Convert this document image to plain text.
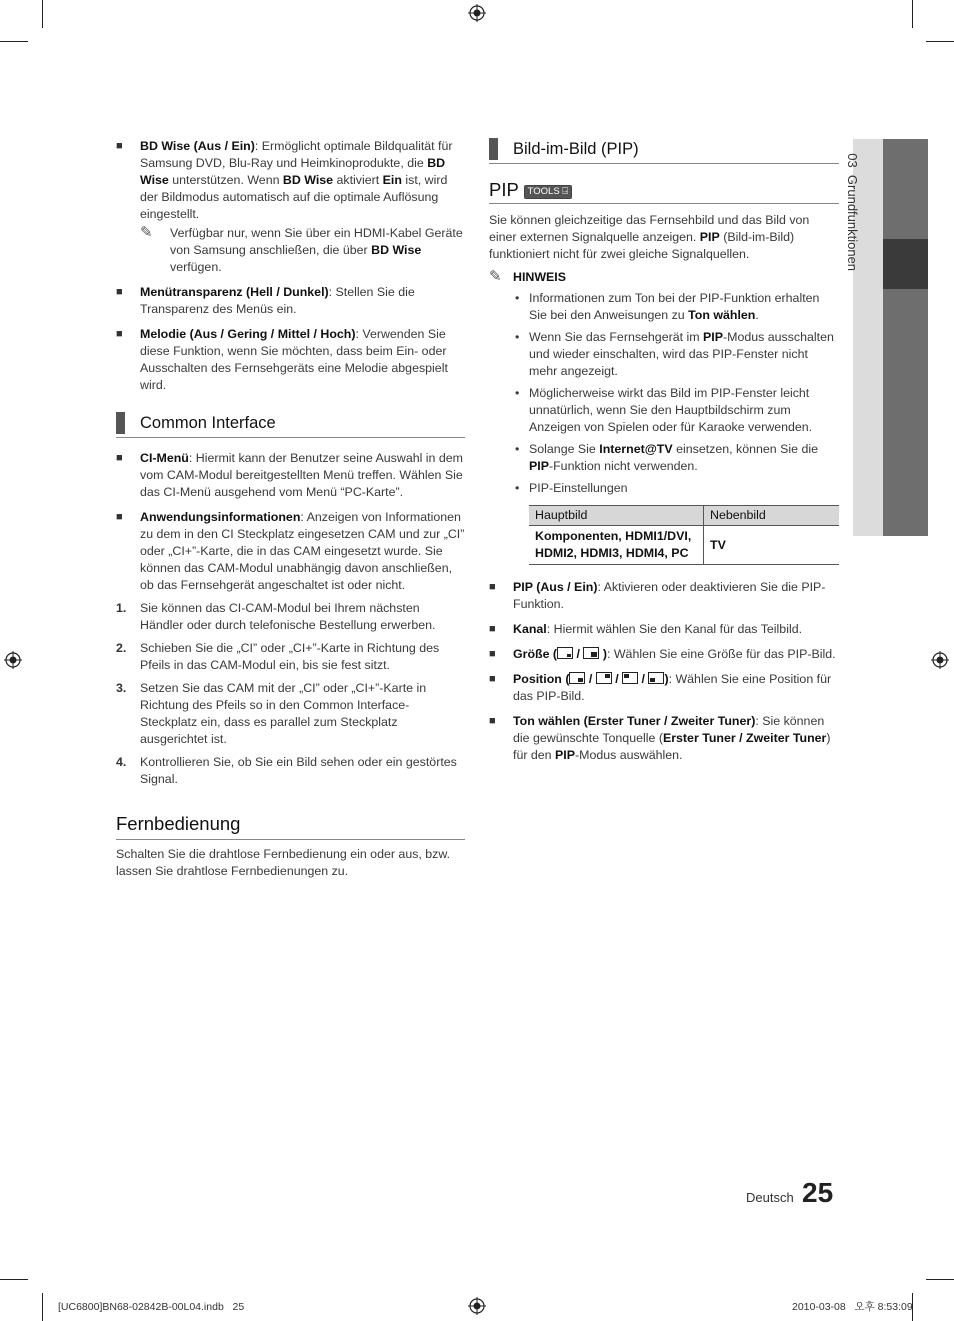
■ BD Wise (Aus / Ein): Ermöglicht optimale Bildqualität für Samsung DVD, Blu-Ray und Heimkinoprodukte, die BD Wise unterstützen. Wenn BD Wise aktiviert Ein ist, wird der Bildmodus automatisch auf die optimale Auflösung eingestellt.
✎ Verfügbar nur, wenn Sie über ein HDMI-Kabel Geräte von Samsung anschließen, die über BD Wise verfügen.
■ Menütransparenz (Hell / Dunkel): Stellen Sie die Transparenz des Menüs ein.
■ Melodie (Aus / Gering / Mittel / Hoch): Verwenden Sie diese Funktion, wenn Sie möchten, dass beim Ein- oder Ausschalten des Fernsehgeräts eine Melodie abgespielt wird.
Common Interface
■ CI-Menü: Hiermit kann der Benutzer seine Auswahl in dem vom CAM-Modul bereitgestellten Menü treffen. Wählen Sie das CI-Menü ausgehend vom Menü “PC-Karte”.
■ Anwendungsinformationen: Anzeigen von Informationen zu dem in den CI Steckplatz eingesetzen CAM und zur „CI” oder „CI+”-Karte, die in das CAM eingesetzt wurde. Sie können das CAM-Modul unabhängig davon anschließen, ob das Fernsehgerät angeschaltet ist oder nicht.
1. Sie können das CI-CAM-Modul bei Ihrem nächsten Händler oder durch telefonische Bestellung erwerben.
2. Schieben Sie die „CI” oder „CI+”-Karte in Richtung des Pfeils in das CAM-Modul ein, bis sie fest sitzt.
3. Setzen Sie das CAM mit der „CI” oder „CI+”-Karte in Richtung des Pfeils so in den Common Interface-Steckplatz ein, dass es parallel zum Steckplatz ausgerichtet ist.
4. Kontrollieren Sie, ob Sie ein Bild sehen oder ein gestörtes Signal.
Fernbedienung
Schalten Sie die drahtlose Fernbedienung ein oder aus, bzw. lassen Sie drahtlose Fernbedienungen zu.
Bild-im-Bild (PIP)
PIP TOOLS ⍈
Sie können gleichzeitige das Fernsehbild und das Bild von einer externen Signalquelle anzeigen. PIP (Bild-im-Bild) funktioniert nicht für zwei gleiche Signalquellen.
✎ HINWEIS
• Informationen zum Ton bei der PIP-Funktion erhalten Sie bei den Anweisungen zu Ton wählen.
• Wenn Sie das Fernsehgerät im PIP-Modus ausschalten und wieder einschalten, wird das PIP-Fenster nicht mehr angezeigt.
• Möglicherweise wirkt das Bild im PIP-Fenster leicht unnatürlich, wenn Sie den Hauptbildschirm zum Anzeigen von Spielen oder für Karaoke verwenden.
• Solange Sie Internet@TV einsetzen, können Sie die PIP-Funktion nicht verwenden.
• PIP-Einstellungen
Hauptbild	Nebenbild
Komponenten, HDMI1/DVI, HDMI2, HDMI3, HDMI4, PC	TV
■ PIP (Aus / Ein): Aktivieren oder deaktivieren Sie die PIP-Funktion.
■ Kanal: Hiermit wählen Sie den Kanal für das Teilbild.
■ Größe (
/
): Wählen Sie eine Größe für das PIP-Bild.
■ Position (
/
/
/
): Wählen Sie eine Position für das PIP-Bild.
■ Ton wählen (Erster Tuner / Zweiter Tuner): Sie können die gewünschte Tonquelle (Erster Tuner / Zweiter Tuner) für den PIP-Modus auswählen.

03  Grundfunktionen

Deutsch 25
[UC6800]BN68-02842B-00L04.indb   25	2010-03-08   오후 8:53:09
